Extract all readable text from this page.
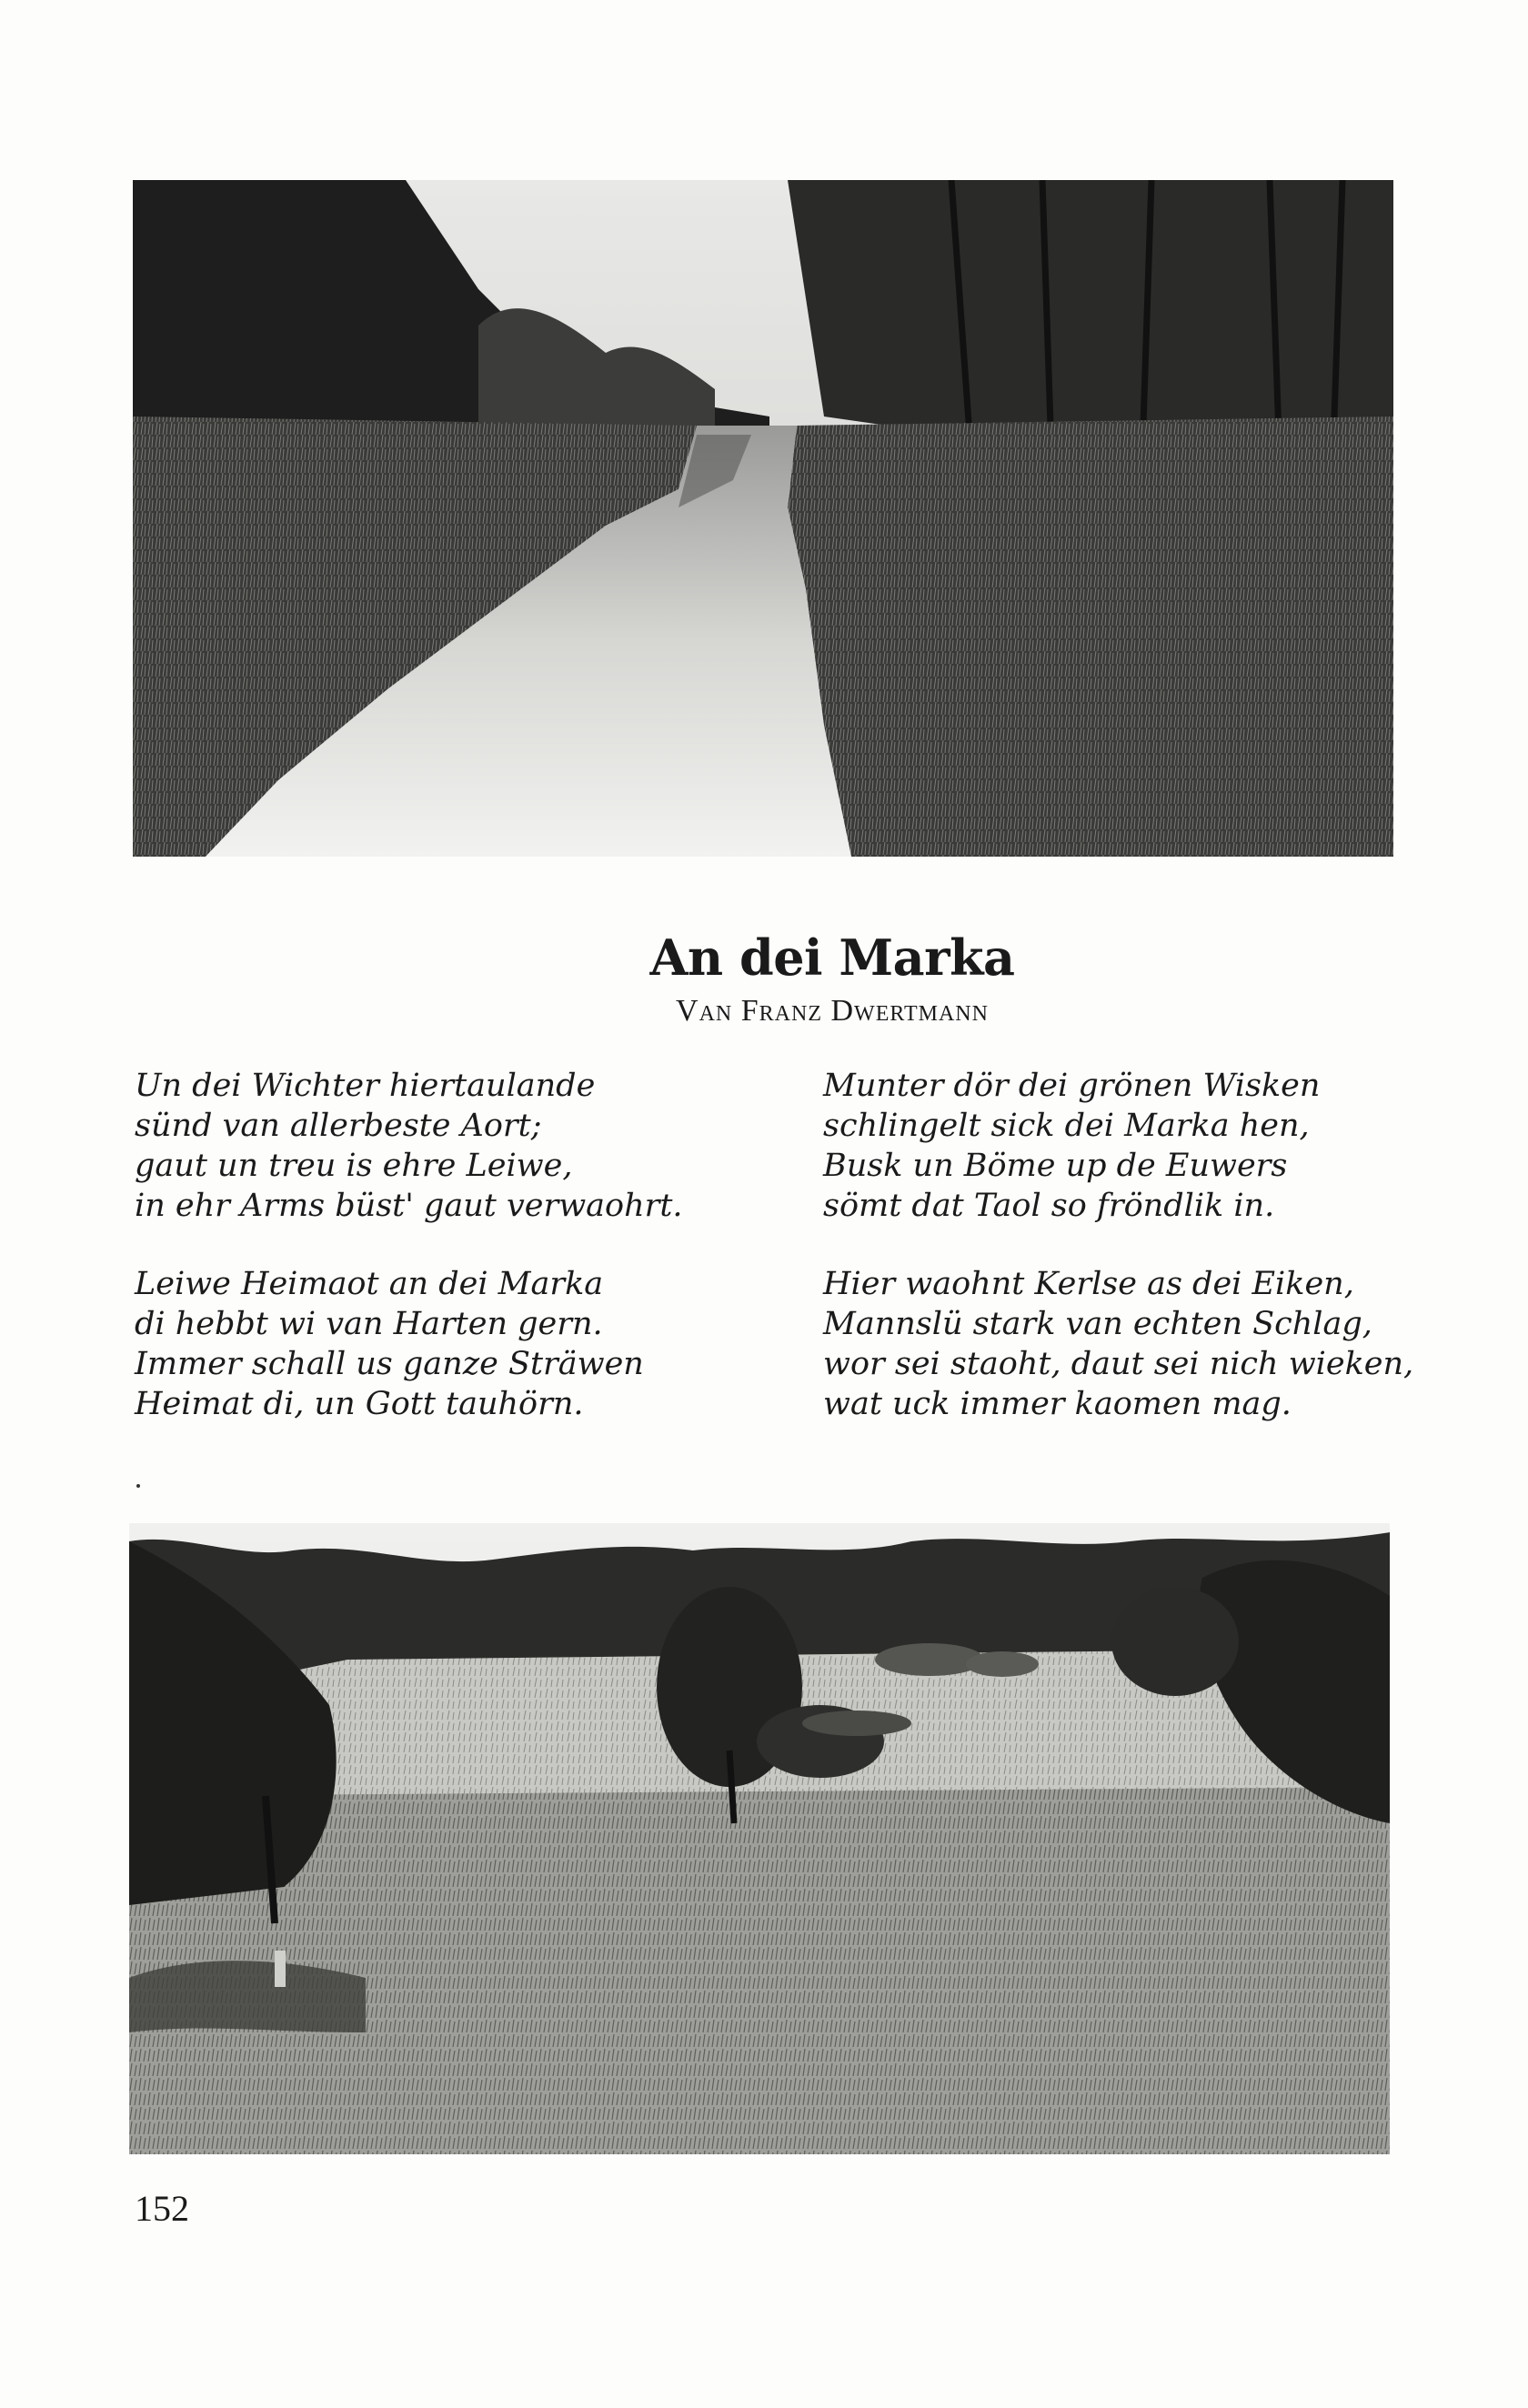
An dei Marka
Van Franz Dwertmann
Un dei Wichter hiertaulande
sünd van allerbeste Aort;
gaut un treu is ehre Leiwe,
in ehr Arms büst' gaut verwaohrt.
Leiwe Heimaot an dei Marka
di hebbt wi van Harten gern.
Immer schall us ganze Sträwen
Heimat di, un Gott tauhörn.
Munter dör dei grönen Wisken
schlingelt sick dei Marka hen,
Busk un Böme up de Euwers
sömt dat Taol so fröndlik in.
Hier waohnt Kerlse as dei Eiken,
Mannslü stark van echten Schlag,
wor sei staoht, daut sei nich wieken,
wat uck immer kaomen mag.
152
